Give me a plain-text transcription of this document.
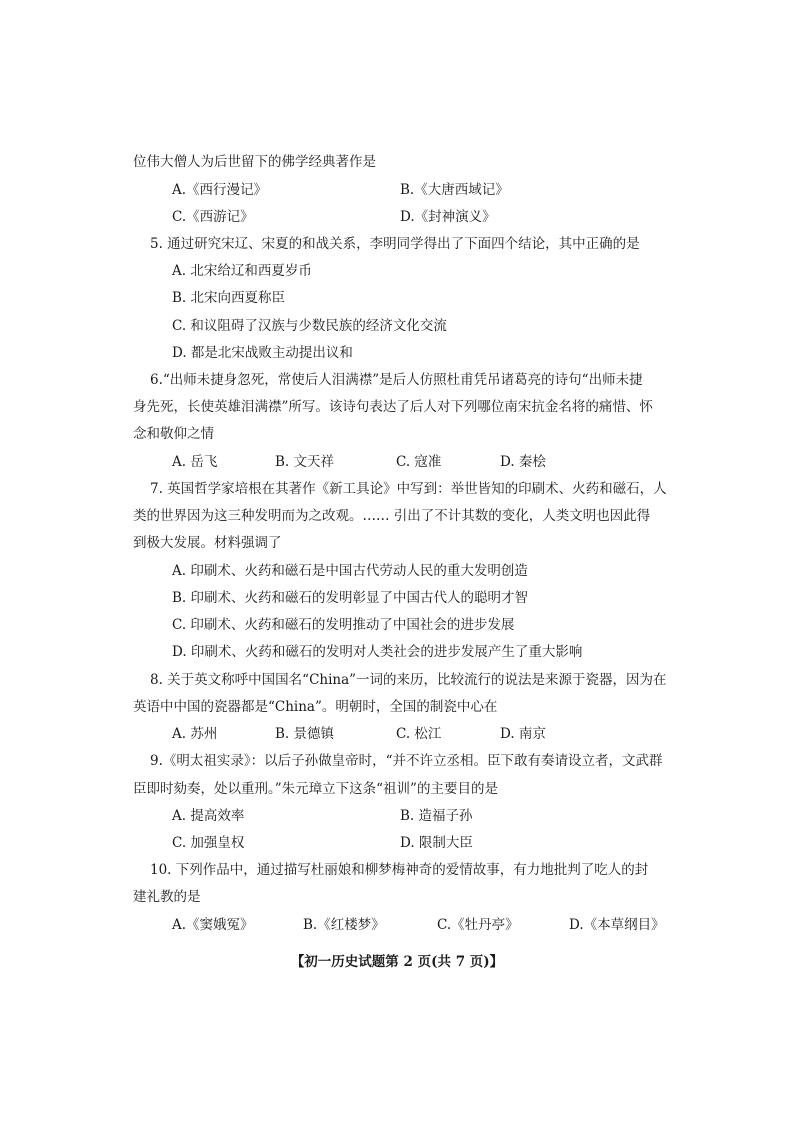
位伟大僧人为后世留下的佛学经典著作是
A.《西行漫记》	B.《大唐西域记》
C.《西游记》	D.《封神演义》
5. 通过研究宋辽、宋夏的和战关系，李明同学得出了下面四个结论，其中正确的是
A. 北宋给辽和西夏岁币
B. 北宋向西夏称臣
C. 和议阻碍了汉族与少数民族的经济文化交流
D. 都是北宋战败主动提出议和
6.“出师未捷身忽死，常使后人泪满襟”是后人仿照杜甫凭吊诸葛亮的诗句“出师未捷
身先死，长使英雄泪满襟”所写。该诗句表达了后人对下列哪位南宋抗金名将的痛惜、怀
念和敬仰之情
A. 岳飞	B. 文天祥	C. 寇准	D. 秦桧
7. 英国哲学家培根在其著作《新工具论》中写到：举世皆知的印刷术、火药和磁石，人
类的世界因为这三种发明而为之改观。…… 引出了不计其数的变化，人类文明也因此得
到极大发展。材料强调了
A. 印刷术、火药和磁石是中国古代劳动人民的重大发明创造
B. 印刷术、火药和磁石的发明彰显了中国古代人的聪明才智
C. 印刷术、火药和磁石的发明推动了中国社会的进步发展
D. 印刷术、火药和磁石的发明对人类社会的进步发展产生了重大影响
8. 关于英文称呼中国国名“China”一词的来历，比较流行的说法是来源于瓷器，因为在
英语中中国的瓷器都是“China”。明朝时，全国的制瓷中心在
A. 苏州	B. 景德镇	C. 松江	D. 南京
9.《明太祖实录》：以后子孙做皇帝时，“并不许立丞相。臣下敢有奏请设立者，文武群
臣即时劾奏，处以重刑。”朱元璋立下这条“祖训”的主要目的是
A. 提高效率	B. 造福子孙
C. 加强皇权	D. 限制大臣
10. 下列作品中，通过描写杜丽娘和柳梦梅神奇的爱情故事，有力地批判了吃人的封
建礼教的是
A.《窦娥冤》	B.《红楼梦》	C.《牡丹亭》	D.《本草纲目》
【初一历史试题第 2 页(共 7 页)】
